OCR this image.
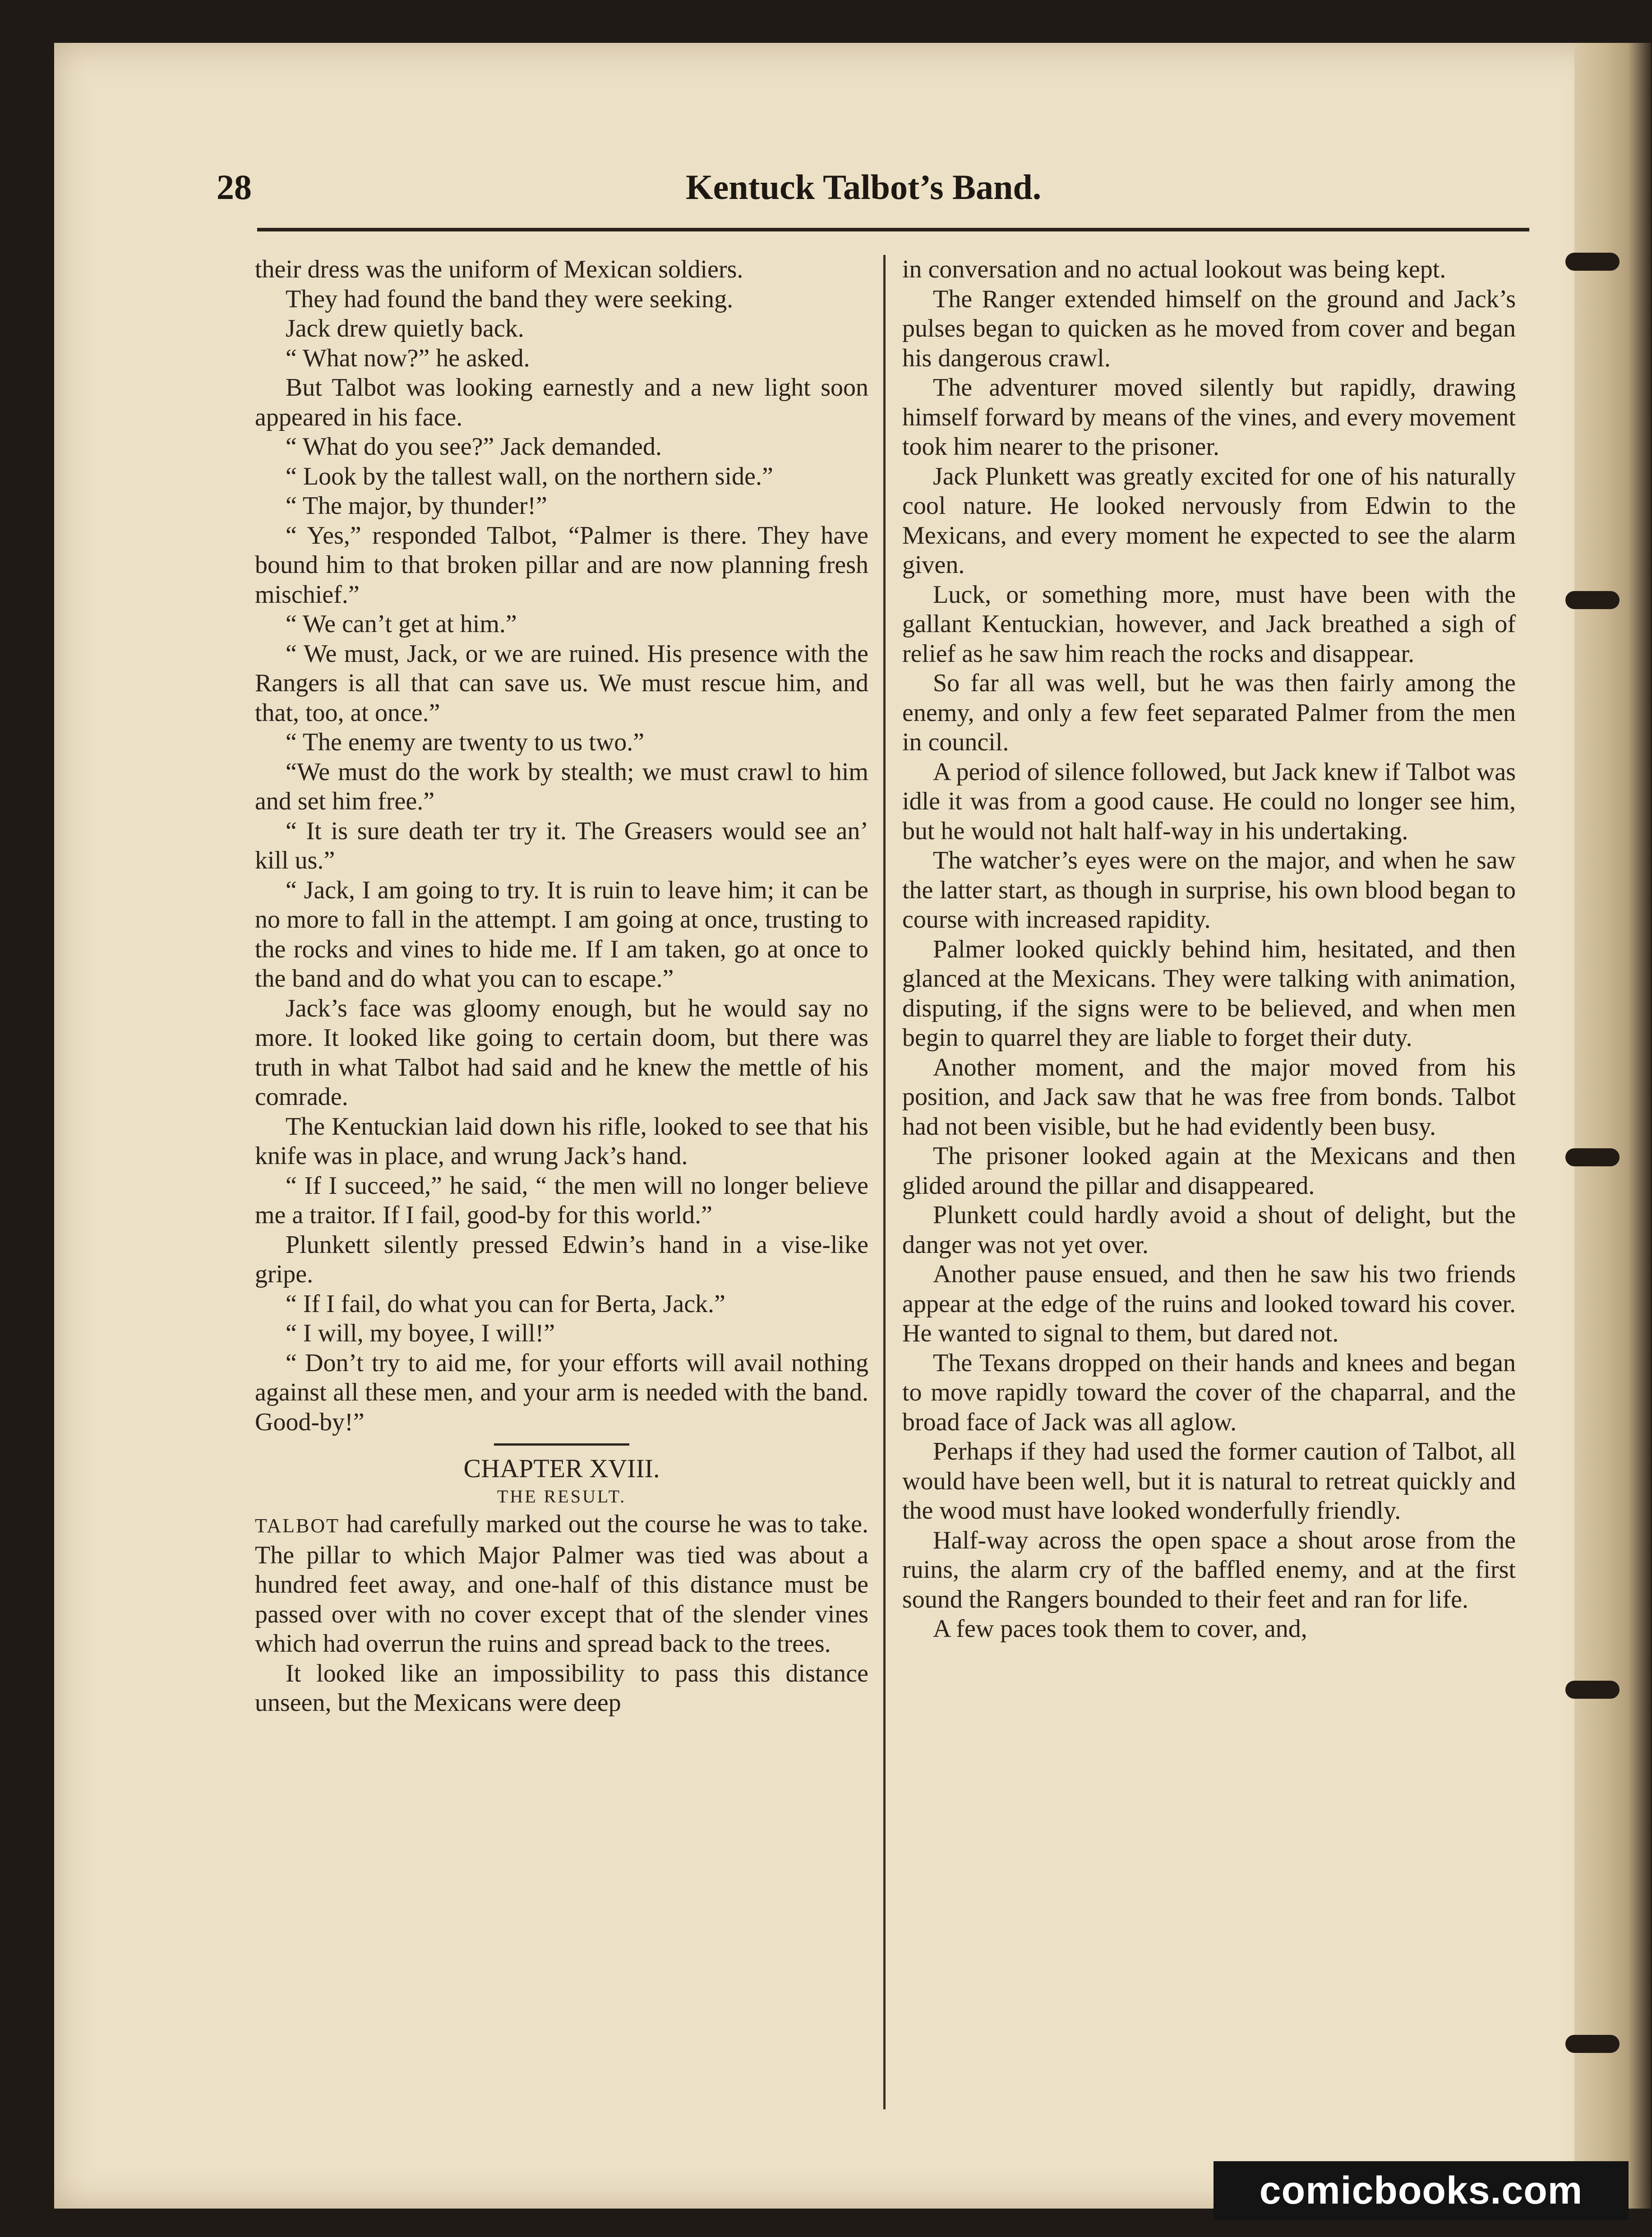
28	Kentuck Talbot’s Band.

their dress was the uniform of Mexican soldiers.

They had found the band they were seeking.

Jack drew quietly back.

“ What now?” he asked.

But Talbot was looking earnestly and a new light soon appeared in his face.

“ What do you see?” Jack demanded.

“ Look by the tallest wall, on the northern side.”

“ The major, by thunder!”

“ Yes,” responded Talbot, “Palmer is there. They have bound him to that broken pillar and are now planning fresh mischief.”

“ We can’t get at him.”

“ We must, Jack, or we are ruined. His presence with the Rangers is all that can save us. We must rescue him, and that, too, at once.”

“ The enemy are twenty to us two.”

“We must do the work by stealth; we must crawl to him and set him free.”

“ It is sure death ter try it. The Greasers would see an’ kill us.”

“ Jack, I am going to try. It is ruin to leave him; it can be no more to fall in the attempt. I am going at once, trusting to the rocks and vines to hide me. If I am taken, go at once to the band and do what you can to escape.”

Jack’s face was gloomy enough, but he would say no more. It looked like going to certain doom, but there was truth in what Talbot had said and he knew the mettle of his comrade.

The Kentuckian laid down his rifle, looked to see that his knife was in place, and wrung Jack’s hand.

“ If I succeed,” he said, “ the men will no longer believe me a traitor. If I fail, good-by for this world.”

Plunkett silently pressed Edwin’s hand in a vise-like gripe.

“ If I fail, do what you can for Berta, Jack.”

“ I will, my boyee, I will!”

“ Don’t try to aid me, for your efforts will avail nothing against all these men, and your arm is needed with the band. Good-by!”

CHAPTER XVIII.
THE RESULT.

TALBOT had carefully marked out the course he was to take. The pillar to which Major Palmer was tied was about a hundred feet away, and one-half of this distance must be passed over with no cover except that of the slender vines which had overrun the ruins and spread back to the trees.

It looked like an impossibility to pass this distance unseen, but the Mexicans were deep

in conversation and no actual lookout was being kept.

The Ranger extended himself on the ground and Jack’s pulses began to quicken as he moved from cover and began his dangerous crawl.

The adventurer moved silently but rapidly, drawing himself forward by means of the vines, and every movement took him nearer to the prisoner.

Jack Plunkett was greatly excited for one of his naturally cool nature. He looked nervously from Edwin to the Mexicans, and every moment he expected to see the alarm given.

Luck, or something more, must have been with the gallant Kentuckian, however, and Jack breathed a sigh of relief as he saw him reach the rocks and disappear.

So far all was well, but he was then fairly among the enemy, and only a few feet separated Palmer from the men in council.

A period of silence followed, but Jack knew if Talbot was idle it was from a good cause. He could no longer see him, but he would not halt half-way in his undertaking.

The watcher’s eyes were on the major, and when he saw the latter start, as though in surprise, his own blood began to course with increased rapidity.

Palmer looked quickly behind him, hesitated, and then glanced at the Mexicans. They were talking with animation, disputing, if the signs were to be believed, and when men begin to quarrel they are liable to forget their duty.

Another moment, and the major moved from his position, and Jack saw that he was free from bonds. Talbot had not been visible, but he had evidently been busy.

The prisoner looked again at the Mexicans and then glided around the pillar and disappeared.

Plunkett could hardly avoid a shout of delight, but the danger was not yet over.

Another pause ensued, and then he saw his two friends appear at the edge of the ruins and looked toward his cover. He wanted to signal to them, but dared not.

The Texans dropped on their hands and knees and began to move rapidly toward the cover of the chaparral, and the broad face of Jack was all aglow.

Perhaps if they had used the former caution of Talbot, all would have been well, but it is natural to retreat quickly and the wood must have looked wonderfully friendly.

Half-way across the open space a shout arose from the ruins, the alarm cry of the baffled enemy, and at the first sound the Rangers bounded to their feet and ran for life.

A few paces took them to cover, and,

comicbooks.com
